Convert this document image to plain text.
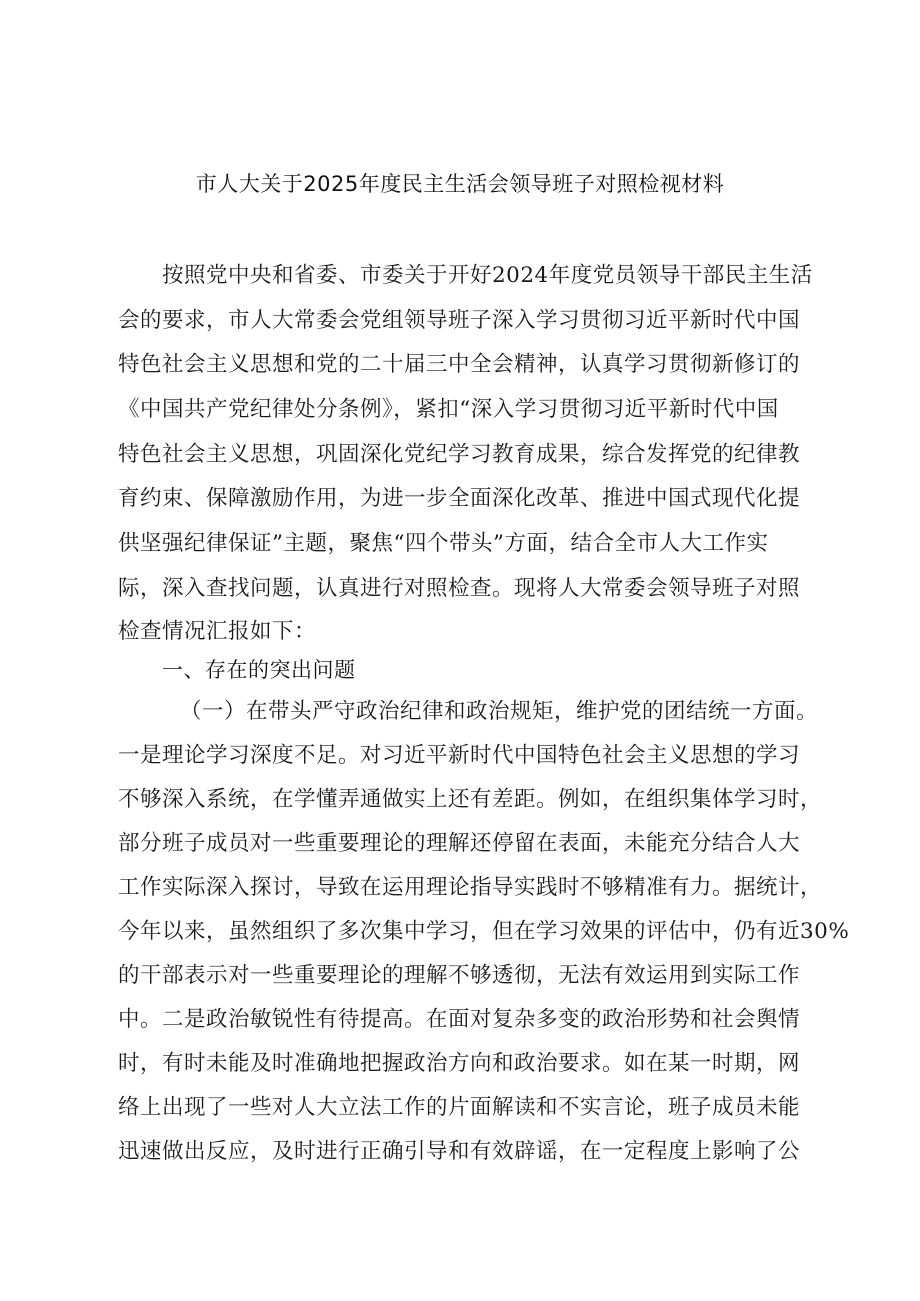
市人大关于2025年度民主生活会领导班子对照检视材料
按照党中央和省委、市委关于开好2024年度党员领导干部民主生活
会的要求，市人大常委会党组领导班子深入学习贯彻习近平新时代中国
特色社会主义思想和党的二十届三中全会精神，认真学习贯彻新修订的
《中国共产党纪律处分条例》，紧扣“深入学习贯彻习近平新时代中国
特色社会主义思想，巩固深化党纪学习教育成果，综合发挥党的纪律教
育约束、保障激励作用，为进一步全面深化改革、推进中国式现代化提
供坚强纪律保证”主题，聚焦“四个带头”方面，结合全市人大工作实
际，深入查找问题，认真进行对照检查。现将人大常委会领导班子对照
检查情况汇报如下：
一、存在的突出问题
（一）在带头严守政治纪律和政治规矩，维护党的团结统一方面。
一是理论学习深度不足。对习近平新时代中国特色社会主义思想的学习
不够深入系统，在学懂弄通做实上还有差距。例如，在组织集体学习时，
部分班子成员对一些重要理论的理解还停留在表面，未能充分结合人大
工作实际深入探讨，导致在运用理论指导实践时不够精准有力。据统计，
今年以来，虽然组织了多次集中学习，但在学习效果的评估中，仍有近30%
的干部表示对一些重要理论的理解不够透彻，无法有效运用到实际工作
中。二是政治敏锐性有待提高。在面对复杂多变的政治形势和社会舆情
时，有时未能及时准确地把握政治方向和政治要求。如在某一时期，网
络上出现了一些对人大立法工作的片面解读和不实言论，班子成员未能
迅速做出反应，及时进行正确引导和有效辟谣，在一定程度上影响了公
